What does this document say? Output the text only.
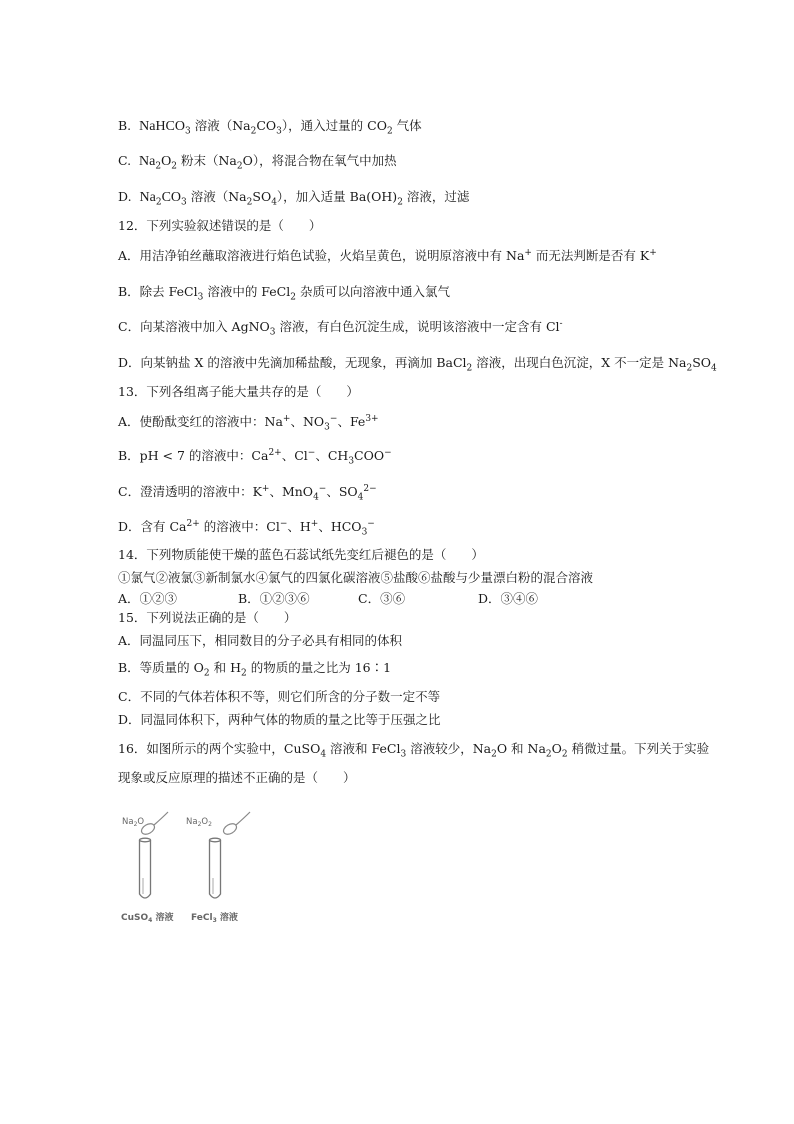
B. NaHCO$_3$ 溶液$(Na_2CO_3)$，通入过量的 $CO_2$ 气体
C. $Na_2O_2$ 粉末$(Na_2O)$，将混合物在氧气中加热
D. $Na_2CO_3$ 溶液$(Na_2SO_4)$，加入适量 $Ba(OH)_2$ 溶液，过滤
12．下列实验叙述错误的是（　　）
A．用洁净铂丝蘸取溶液进行焰色试验，火焰呈黄色，说明原溶液中有 Na+ 而无法判断是否有 K+
B．除去 FeCl$_3$ 溶液中的 FeCl$_2$ 杂质可以向溶液中通入氯气
C．向某溶液中加入 AgNO$_3$ 溶液，有白色沉淀生成，说明该溶液中一定含有 Cl-
D．向某钠盐 X 的溶液中先滴加稀盐酸，无现象，再滴加 BaCl$_2$ 溶液，出现白色沉淀，X 不一定是 $Na_2SO_4$
13．下列各组离子能大量共存的是（　　）
A．使酚酞变红的溶液中：Na+、$NO_3^-$、$Fe^{3+}$
B．pH < 7 的溶液中：$Ca^{2+}$、Cl−、$CH_3COO^-$
C．澄清透明的溶液中：K+、MnO$_4$−、$SO_4^{2-}$
D．含有 $Ca^{2+}$ 的溶液中：Cl−、H+、$HCO_3^-$
14．下列物质能使干燥的蓝色石蕊试纸先变红后褪色的是（　　）
①氯气②液氯③新制氯水④氯气的四氯化碳溶液⑤盐酸⑥盐酸与少量漂白粉的混合溶液
A．①②③	B．①②③⑥	C．③⑥	D．③④⑥
15．下列说法正确的是（　　）
A．同温同压下，相同数目的分子必具有相同的体积
B．等质量的 $O_2$ 和 $H_2$ 的物质的量之比为 16∶1
C．不同的气体若体积不等，则它们所含的分子数一定不等
D．同温同体积下，两种气体的物质的量之比等于压强之比
16．如图所示的两个实验中，CuSO$_4$ 溶液和 FeCl$_3$ 溶液较少，$Na_2O$ 和 $Na_2O_2$ 稍微过量。下列关于实验
现象或反应原理的描述不正确的是（　　）
$Na_2O$	$Na_2O_2$
CuSO$_4$ 溶液 FeCl$_3$ 溶液
